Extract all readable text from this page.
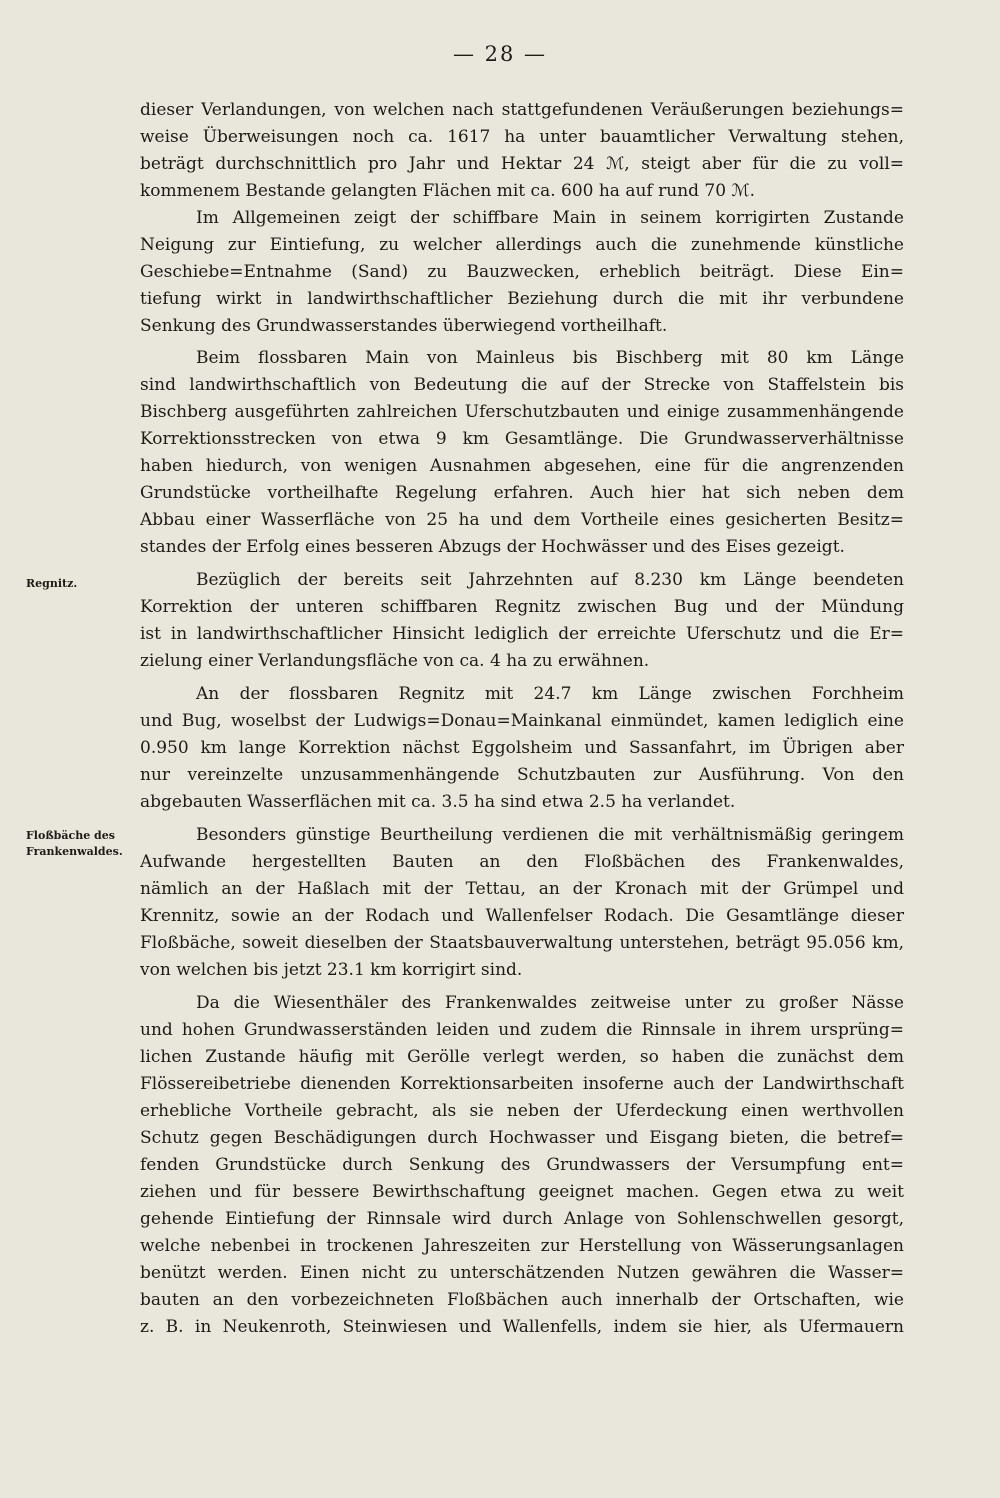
— 28 —
Regnitz.
Floßbäche des
Frankenwaldes.
dieser Verlandungen, von welchen nach stattgefundenen Veräußerungen beziehungs=
weise Überweisungen noch ca. 1617 ha unter bauamtlicher Verwaltung stehen,
beträgt durchschnittlich pro Jahr und Hektar 24 ℳ, steigt aber für die zu voll=
kommenem Bestande gelangten Flächen mit ca. 600 ha auf rund 70 ℳ.
Im Allgemeinen zeigt der schiffbare Main in seinem korrigirten Zustande
Neigung zur Eintiefung, zu welcher allerdings auch die zunehmende künstliche
Geschiebe=Entnahme (Sand) zu Bauzwecken, erheblich beiträgt. Diese Ein=
tiefung wirkt in landwirthschaftlicher Beziehung durch die mit ihr verbundene
Senkung des Grundwasserstandes überwiegend vortheilhaft.
Beim flossbaren Main von Mainleus bis Bischberg mit 80 km Länge
sind landwirthschaftlich von Bedeutung die auf der Strecke von Staffelstein bis
Bischberg ausgeführten zahlreichen Uferschutzbauten und einige zusammenhängende
Korrektionsstrecken von etwa 9 km Gesamtlänge. Die Grundwasserverhältnisse
haben hiedurch, von wenigen Ausnahmen abgesehen, eine für die angrenzenden
Grundstücke vortheilhafte Regelung erfahren. Auch hier hat sich neben dem
Abbau einer Wasserfläche von 25 ha und dem Vortheile eines gesicherten Besitz=
standes der Erfolg eines besseren Abzugs der Hochwässer und des Eises gezeigt.
Bezüglich der bereits seit Jahrzehnten auf 8.230 km Länge beendeten
Korrektion der unteren schiffbaren Regnitz zwischen Bug und der Mündung
ist in landwirthschaftlicher Hinsicht lediglich der erreichte Uferschutz und die Er=
zielung einer Verlandungsfläche von ca. 4 ha zu erwähnen.
An der flossbaren Regnitz mit 24.7 km Länge zwischen Forchheim
und Bug, woselbst der Ludwigs=Donau=Mainkanal einmündet, kamen lediglich eine
0.950 km lange Korrektion nächst Eggolsheim und Sassanfahrt, im Übrigen aber
nur vereinzelte unzusammenhängende Schutzbauten zur Ausführung. Von den
abgebauten Wasserflächen mit ca. 3.5 ha sind etwa 2.5 ha verlandet.
Besonders günstige Beurtheilung verdienen die mit verhältnismäßig geringem
Aufwande hergestellten Bauten an den Floßbächen des Frankenwaldes,
nämlich an der Haßlach mit der Tettau, an der Kronach mit der Grümpel und
Krennitz, sowie an der Rodach und Wallenfelser Rodach. Die Gesamtlänge dieser
Floßbäche, soweit dieselben der Staatsbauverwaltung unterstehen, beträgt 95.056 km,
von welchen bis jetzt 23.1 km korrigirt sind.
Da die Wiesenthäler des Frankenwaldes zeitweise unter zu großer Nässe
und hohen Grundwasserständen leiden und zudem die Rinnsale in ihrem ursprüng=
lichen Zustande häufig mit Gerölle verlegt werden, so haben die zunächst dem
Flössereibetriebe dienenden Korrektionsarbeiten insoferne auch der Landwirthschaft
erhebliche Vortheile gebracht, als sie neben der Uferdeckung einen werthvollen
Schutz gegen Beschädigungen durch Hochwasser und Eisgang bieten, die betref=
fenden Grundstücke durch Senkung des Grundwassers der Versumpfung ent=
ziehen und für bessere Bewirthschaftung geeignet machen. Gegen etwa zu weit
gehende Eintiefung der Rinnsale wird durch Anlage von Sohlenschwellen gesorgt,
welche nebenbei in trockenen Jahreszeiten zur Herstellung von Wässerungsanlagen
benützt werden. Einen nicht zu unterschätzenden Nutzen gewähren die Wasser=
bauten an den vorbezeichneten Floßbächen auch innerhalb der Ortschaften, wie
z. B. in Neukenroth, Steinwiesen und Wallenfells, indem sie hier, als Ufermauern
